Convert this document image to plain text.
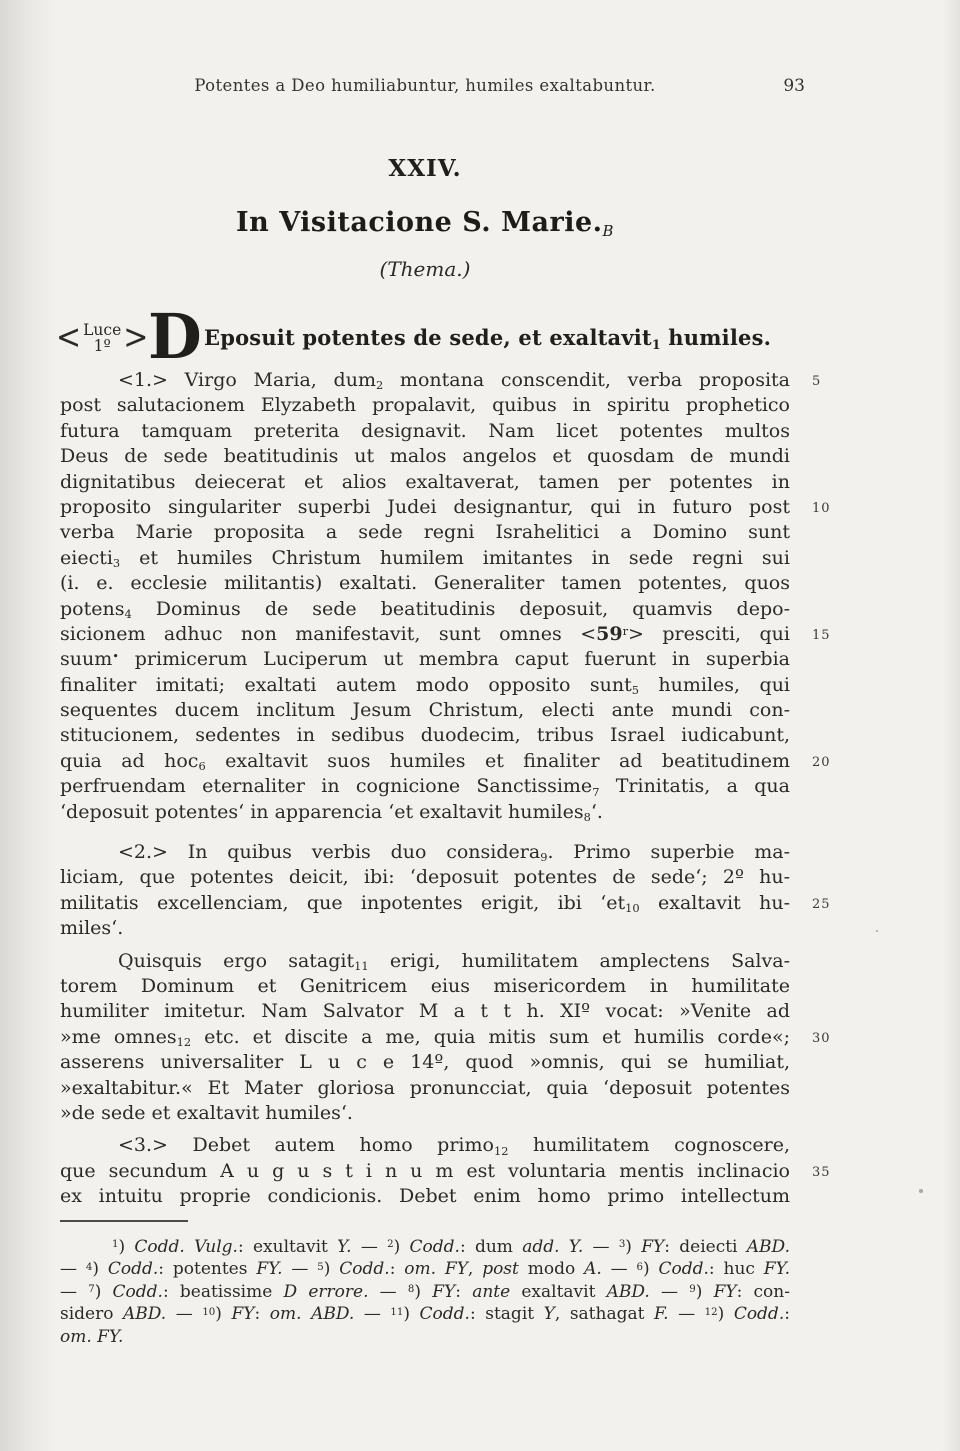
Potentes a Deo humiliabuntur, humiles exaltabuntur.	93
XXIV.
In Visitacione S. $Marie._B$
(Thema.)
< Luce
1º > D Eposuit potentes de sede, et exaltavit$_1$ humiles.
<1.> Virgo Maria, dum$_2$ montana conscendit, verba proposita 5
post salutacionem Elyzabeth propalavit, quibus in spiritu prophetico
futura tamquam preterita designavit. Nam licet potentes multos
Deus de sede beatitudinis ut malos angelos et quosdam de mundi
dignitatibus deiecerat et alios exaltaverat, tamen per potentes in
proposito singulariter superbi Judei designantur, qui in futuro post 10
verba Marie proposita a sede regni Israhelitici a Domino sunt
eiecti$_3$ et humiles Christum humilem imitantes in sede regni sui
(i. e. ecclesie militantis) exaltati. Generaliter tamen potentes, quos
potens$_4$ Dominus de sede beatitudinis deposuit, quamvis depo-
sicionem adhuc non manifestavit, sunt omnes $<59^r>$ presciti, qui 15
suum• primicerum Luciperum ut membra caput fuerunt in superbia
finaliter imitati; exaltati autem modo opposito sunt$_5$ humiles, qui
sequentes ducem inclitum Jesum Christum, electi ante mundi con-
stitucionem, sedentes in sedibus duodecim, tribus Israel iudicabunt,
quia ad hoc$_6$ exaltavit suos humiles et finaliter ad beatitudinem 20
perfruendam eternaliter in cognicione Sanctissime$_7$ Trinitatis, a qua
‘deposuit potentes‘ in apparencia ‘et exaltavit humiles$_8$‘.
<2.> In quibus verbis duo considera$_9$. Primo superbie ma-
liciam, que potentes deicit, ibi: ‘deposuit potentes de sede‘; 2º hu-
militatis excellenciam, que inpotentes erigit, ibi ‘$et_{10}$ exaltavit hu- 25
miles‘.
Quisquis ergo satagit$_{11}$ erigi, humilitatem amplectens Salva-
torem Dominum et Genitricem eius misericordem in humilitate
humiliter imitetur. Nam Salvator M a t t h. XIº vocat: »Venite ad
»me omnes$_{12}$ etc. et discite a me, quia mitis sum et humilis corde«; 30
asserens universaliter L u c e 14º, quod »omnis, qui se humiliat,
»exaltabitur.« Et Mater gloriosa pronuncciat, quia ‘deposuit potentes
»de sede et exaltavit humiles‘.
<3.> Debet autem homo primo$_{12}$ humilitatem cognoscere,
que secundum A u g u s t i n u m est voluntaria mentis inclinacio 35
ex intuitu proprie condicionis. Debet enim homo primo intellectum
$^1$) Codd. Vulg.: exultavit Y. — $^2$) Codd.: dum add. Y. — $^3$) FY: deiecti ABD.
— $^4$) Codd.: potentes FY. — $^5$) Codd.: om. FY, post modo A. — $^6$) Codd.: huc FY.
— $^7$) Codd.: beatissime D errore. — $^8$) FY: ante exaltavit ABD. — $^9$) FY: con-
sidero ABD. — $^{10}$) FY: om. ABD. — $^{11}$) Codd.: stagit Y, sathagat F. — $^{12}$) Codd.:
om. FY.
